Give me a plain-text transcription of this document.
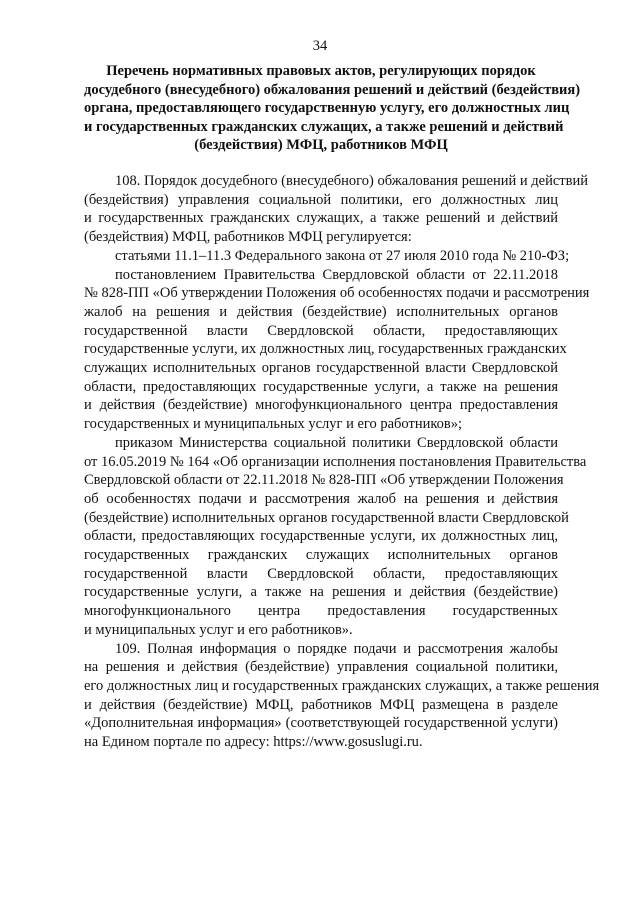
34
Перечень нормативных правовых актов, регулирующих порядок
досудебного (внесудебного) обжалования решений и действий (бездействия)
органа, предоставляющего государственную услугу, его должностных лиц
и государственных гражданских служащих, а также решений и действий
(бездействия) МФЦ, работников МФЦ
108. Порядок досудебного (внесудебного) обжалования решений и действий
(бездействия) управления социальной политики, его должностных лиц
и государственных гражданских служащих, а также решений и действий
(бездействия) МФЦ, работников МФЦ регулируется:
статьями 11.1–11.3 Федерального закона от 27 июля 2010 года № 210-ФЗ;
постановлением Правительства Свердловской области от 22.11.2018
№ 828-ПП «Об утверждении Положения об особенностях подачи и рассмотрения
жалоб на решения и действия (бездействие) исполнительных органов
государственной власти Свердловской области, предоставляющих
государственные услуги, их должностных лиц, государственных гражданских
служащих исполнительных органов государственной власти Свердловской
области, предоставляющих государственные услуги, а также на решения
и действия (бездействие) многофункционального центра предоставления
государственных и муниципальных услуг и его работников»;
приказом Министерства социальной политики Свердловской области
от 16.05.2019 № 164 «Об организации исполнения постановления Правительства
Свердловской области от 22.11.2018 № 828-ПП «Об утверждении Положения
об особенностях подачи и рассмотрения жалоб на решения и действия
(бездействие) исполнительных органов государственной власти Свердловской
области, предоставляющих государственные услуги, их должностных лиц,
государственных гражданских служащих исполнительных органов
государственной власти Свердловской области, предоставляющих
государственные услуги, а также на решения и действия (бездействие)
многофункционального центра предоставления государственных
и муниципальных услуг и его работников».
109. Полная информация о порядке подачи и рассмотрения жалобы
на решения и действия (бездействие) управления социальной политики,
его должностных лиц и государственных гражданских служащих, а также решения
и действия (бездействие) МФЦ, работников МФЦ размещена в разделе
«Дополнительная информация» (соответствующей государственной услуги)
на Едином портале по адресу: https://www.gosuslugi.ru.
